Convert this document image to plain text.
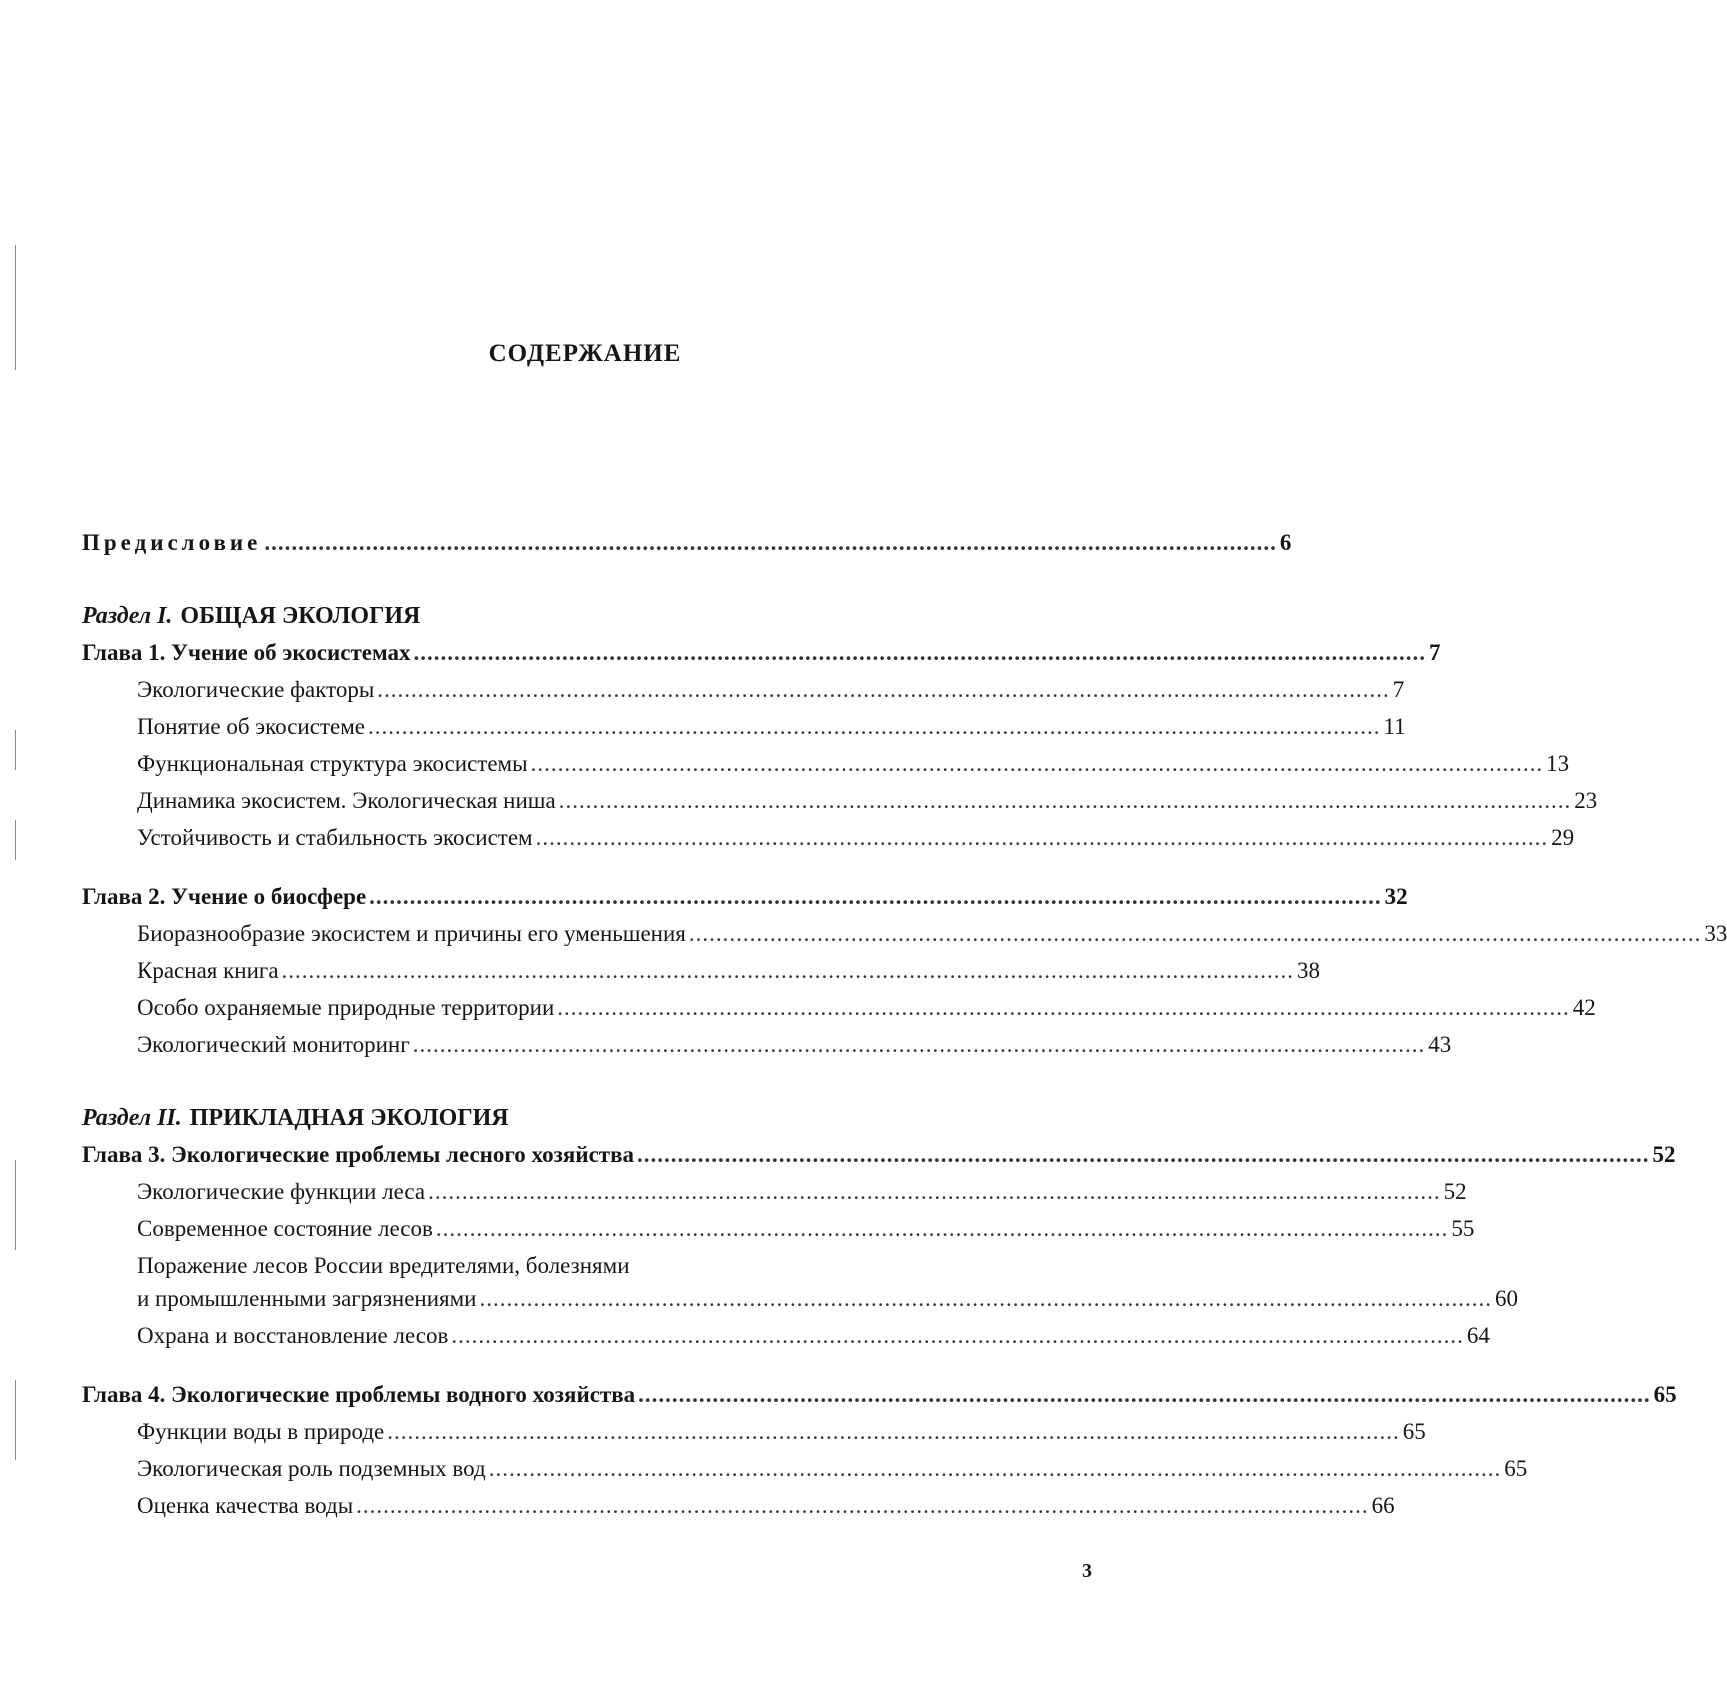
СОДЕРЖАНИЕ
Предисловие ...................................................................................................................................................... 6
Раздел I. ОБЩАЯ ЭКОЛОГИЯ
Глава 1. Учение об экосистемах ...................................................................................................................................................... 7
Экологические факторы ...................................................................................................................................................... 7
Понятие об экосистеме ...................................................................................................................................................... 11
Функциональная структура экосистемы ...................................................................................................................................................... 13
Динамика экосистем. Экологическая ниша ...................................................................................................................................................... 23
Устойчивость и стабильность экосистем ...................................................................................................................................................... 29
Глава 2. Учение о биосфере ...................................................................................................................................................... 32
Биоразнообразие экосистем и причины его уменьшения ...................................................................................................................................................... 33
Красная книга ...................................................................................................................................................... 38
Особо охраняемые природные территории ...................................................................................................................................................... 42
Экологический мониторинг ...................................................................................................................................................... 43
Раздел II. ПРИКЛАДНАЯ ЭКОЛОГИЯ
Глава 3. Экологические проблемы лесного хозяйства ...................................................................................................................................................... 52
Экологические функции леса ...................................................................................................................................................... 52
Современное состояние лесов ...................................................................................................................................................... 55
Поражение лесов России вредителями, болезнями
и промышленными загрязнениями ...................................................................................................................................................... 60
Охрана и восстановление лесов ...................................................................................................................................................... 64
Глава 4. Экологические проблемы водного хозяйства ...................................................................................................................................................... 65
Функции воды в природе ...................................................................................................................................................... 65
Экологическая роль подземных вод ...................................................................................................................................................... 65
Оценка качества воды ...................................................................................................................................................... 66
3
